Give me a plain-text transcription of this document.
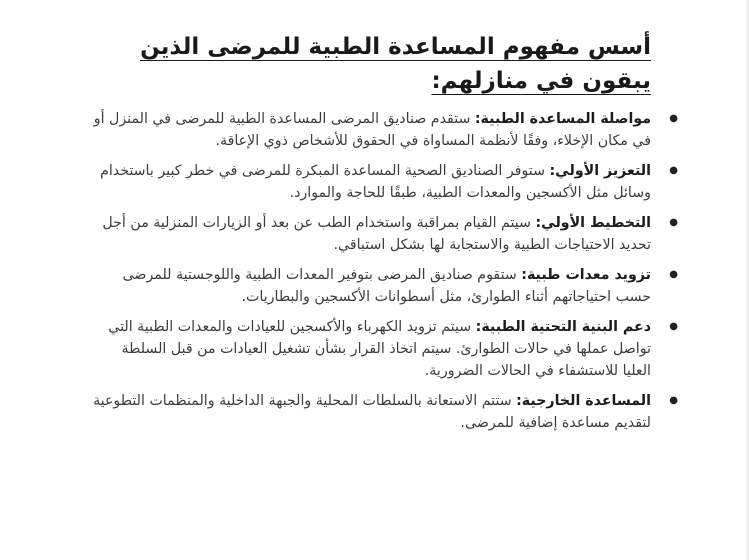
أسس مفهوم المساعدة الطبية للمرضى الذين
يبقون في منازلهم:
●
مواصلة المساعدة الطبية: ستقدم صناديق المرضى المساعدة الطبية للمرضى في المنزل أو في مكان الإخلاء، وفقًا لأنظمة المساواة في الحقوق للأشخاص ذوي الإعاقة.
●
التعزيز الأولي: ستوفر الصناديق الصحية المساعدة المبكرة للمرضى في خطر كبير باستخدام وسائل مثل الأكسجين والمعدات الطبية، طبقًا للحاجة والموارد.
●
التخطيط الأولي: سيتم القيام بمراقبة واستخدام الطب عن بعد أو الزيارات المنزلية من أجل تحديد الاحتياجات الطبية والاستجابة لها بشكل استباقي.
●
تزويد معدات طبية: ستقوم صناديق المرضى بتوفير المعدات الطبية واللوجستية للمرضى حسب احتياجاتهم أثناء الطوارئ، مثل أسطوانات الأكسجين والبطاريات.
●
دعم البنية التحتية الطبية: سيتم تزويد الكهرباء والأكسجين للعيادات والمعدات الطبية التي تواصل عملها في حالات الطوارئ. سيتم اتخاذ القرار بشأن تشغيل العيادات من قبل السلطة العليا للاستشفاء في الحالات الضرورية.
●
المساعدة الخارجية: ستتم الاستعانة بالسلطات المحلية والجبهة الداخلية والمنظمات التطوعية لتقديم مساعدة إضافية للمرضى.
